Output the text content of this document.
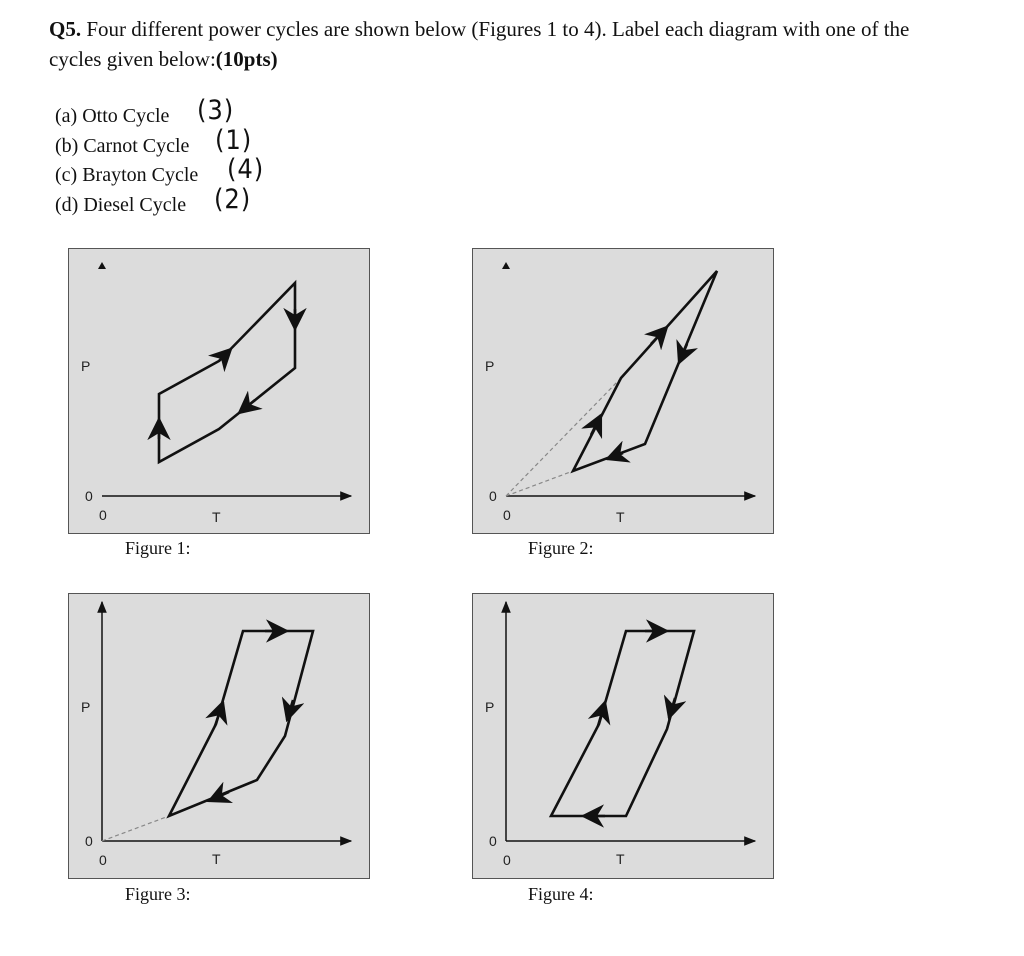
Q5. Four different power cycles are shown below (Figures 1 to 4). Label each diagram with one of the cycles given below:(10pts)
(a) Otto Cycle (3)
(b) Carnot Cycle (1)
(c) Brayton Cycle (4)
(d) Diesel Cycle (2)
P
0
0	T
Figure 1:
P
0
0	T
Figure 2:
P
0
0	T
Figure 3:
P
0
0	T
Figure 4:
